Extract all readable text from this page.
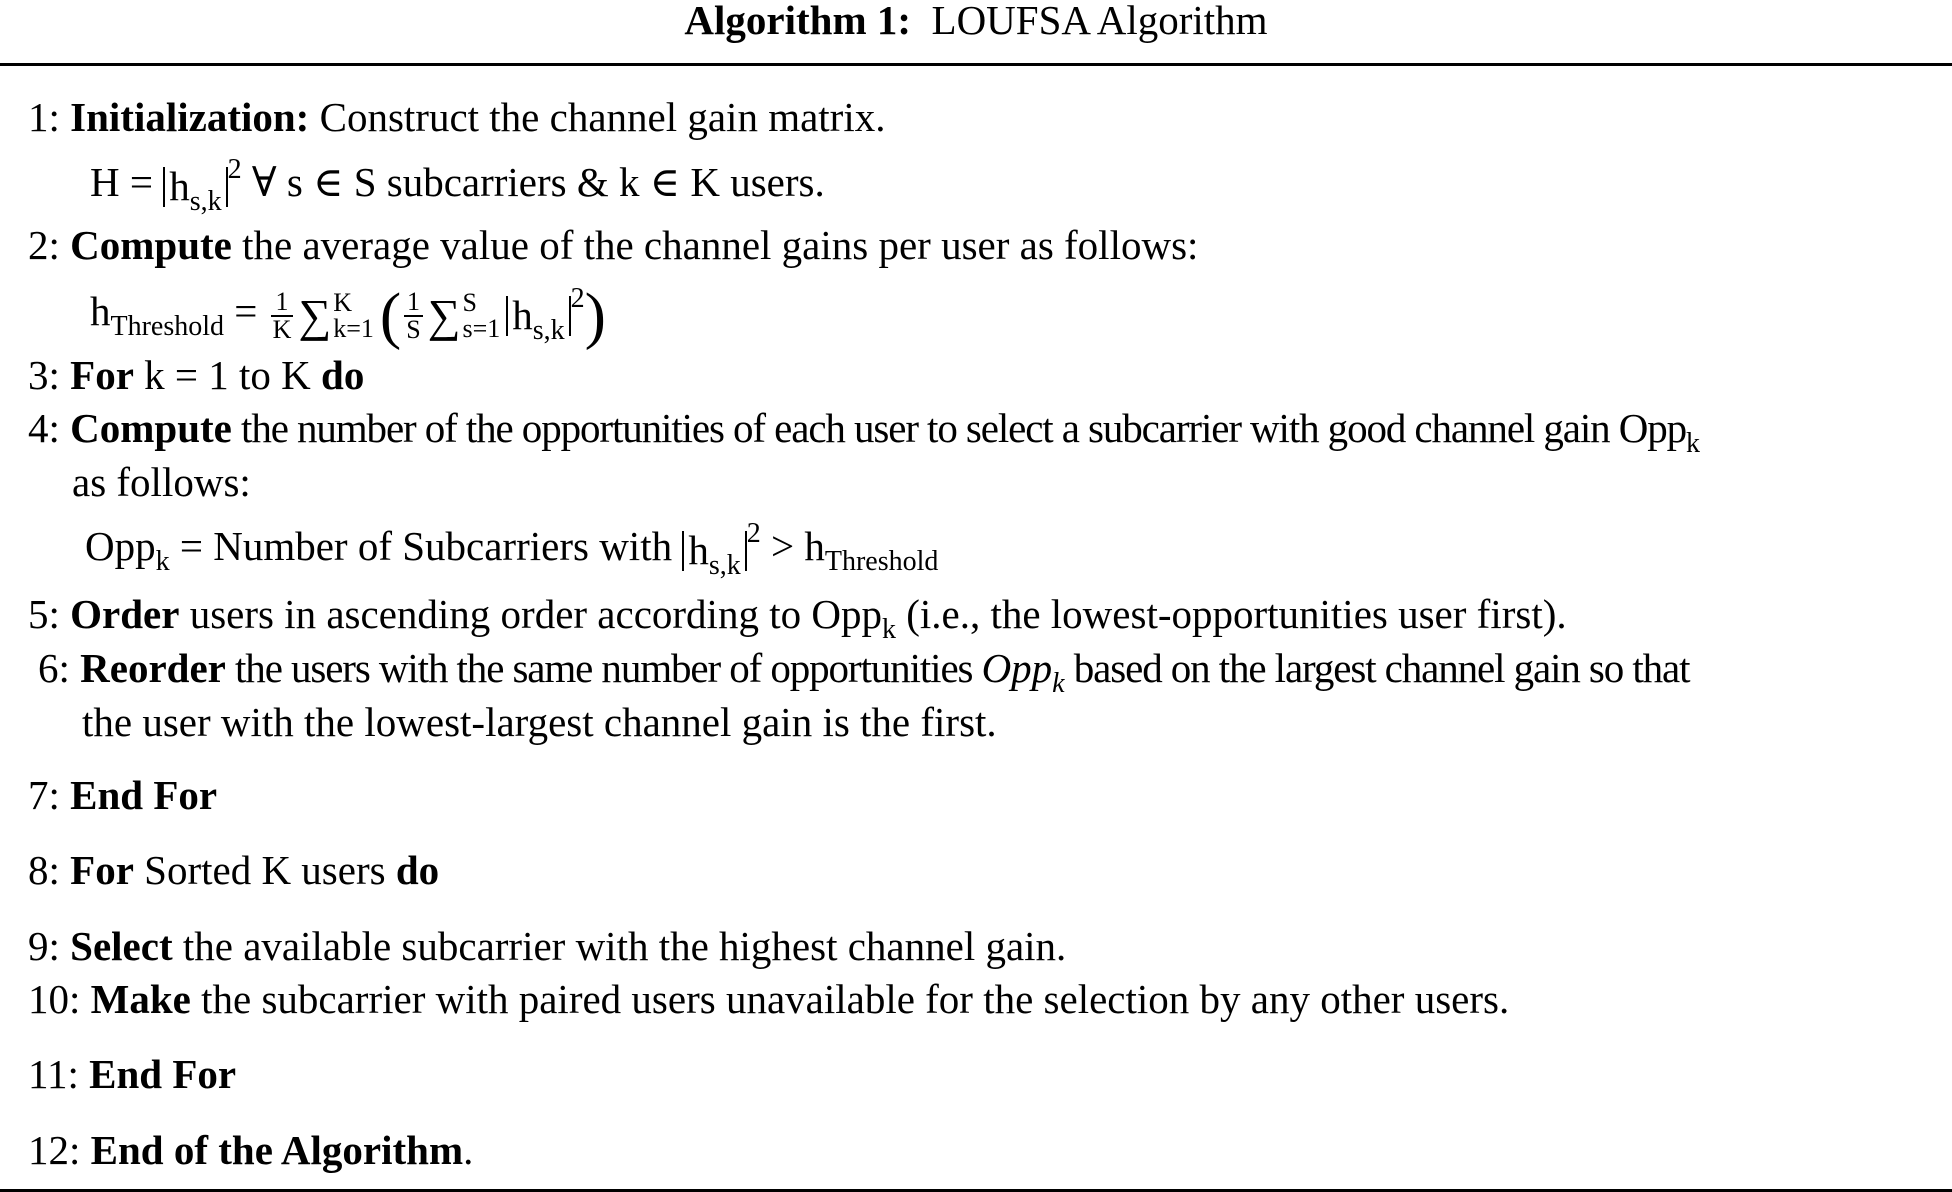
Algorithm 1: LOUFSA Algorithm
1: Initialization: Construct the channel gain matrix.
$H = h_{s,k}^2$ ∀ s ∈ S subcarriers & k ∈ K users.
2: Compute the average value of the channel gains per user as follows:
$h_{Threshold} = \frac{1}{K}$ ∑ K
k=1 ( $\frac{1}{S}$ ∑ S
s=1 $h_{s,k}^2$)
3: For k = 1 to K do
4: Compute the number of the opportunities of each user to select a subcarrier with good channel gain Opp$_k$
as follows:
Opp$_k$ = Number of Subcarriers with $h_{s,k}^2 > h_{Threshold}$
5: Order users in ascending order according to Opp$_k$ (i.e., the lowest-opportunities user first).
6: Reorder the users with the same number of opportunities Opp$_k$ based on the largest channel gain so that
the user with the lowest-largest channel gain is the first.
7: End For
8: For Sorted K users do
9: Select the available subcarrier with the highest channel gain.
10: Make the subcarrier with paired users unavailable for the selection by any other users.
11: End For
12: End of the Algorithm.
